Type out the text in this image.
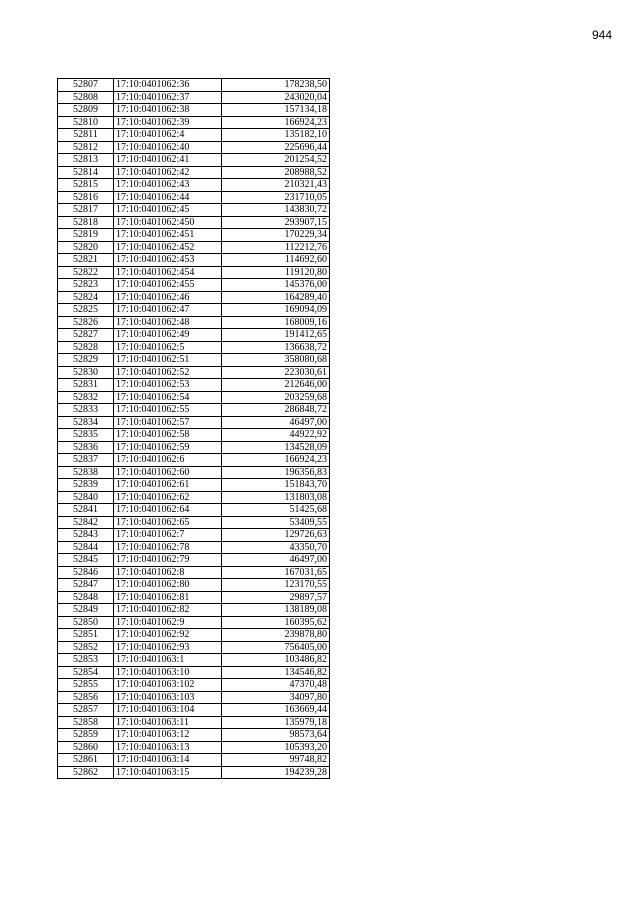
944
52807	17:10:0401062:36	178238,50
52808	17:10:0401062:37	243020,04
52809	17:10:0401062:38	157134,18
52810	17:10:0401062:39	166924,23
52811	17:10:0401062:4	135182,10
52812	17:10:0401062:40	225696,44
52813	17:10:0401062:41	201254,52
52814	17:10:0401062:42	208988,52
52815	17:10:0401062:43	210321,43
52816	17:10:0401062:44	231710,05
52817	17:10:0401062:45	143830,72
52818	17:10:0401062:450	293907,15
52819	17:10:0401062:451	170229,34
52820	17:10:0401062:452	112212,76
52821	17:10:0401062:453	114692,60
52822	17:10:0401062:454	119120,80
52823	17:10:0401062:455	145376,00
52824	17:10:0401062:46	164289,40
52825	17:10:0401062:47	169094,09
52826	17:10:0401062:48	168009,16
52827	17:10:0401062:49	191412,65
52828	17:10:0401062:5	136638,72
52829	17:10:0401062:51	358080,68
52830	17:10:0401062:52	223030,61
52831	17:10:0401062:53	212646,00
52832	17:10:0401062:54	203259,68
52833	17:10:0401062:55	286848,72
52834	17:10:0401062:57	46497,00
52835	17:10:0401062:58	44922,92
52836	17:10:0401062:59	134528,09
52837	17:10:0401062:6	166924,23
52838	17:10:0401062:60	196356,83
52839	17:10:0401062:61	151843,70
52840	17:10:0401062:62	131803,08
52841	17:10:0401062:64	51425,68
52842	17:10:0401062:65	53409,55
52843	17:10:0401062:7	129726,63
52844	17:10:0401062:78	43350,70
52845	17:10:0401062:79	46497,00
52846	17:10:0401062:8	167031,65
52847	17:10:0401062:80	123170,55
52848	17:10:0401062:81	29897,57
52849	17:10:0401062:82	138189,08
52850	17:10:0401062:9	160395,62
52851	17:10:0401062:92	239878,80
52852	17:10:0401062:93	756405,00
52853	17:10:0401063:1	103486,82
52854	17:10:0401063:10	134546,82
52855	17:10:0401063:102	47370,48
52856	17:10:0401063:103	34097,80
52857	17:10:0401063:104	163669,44
52858	17:10:0401063:11	135979,18
52859	17:10:0401063:12	98573,64
52860	17:10:0401063:13	105393,20
52861	17:10:0401063:14	99748,82
52862	17:10:0401063:15	194239,28
